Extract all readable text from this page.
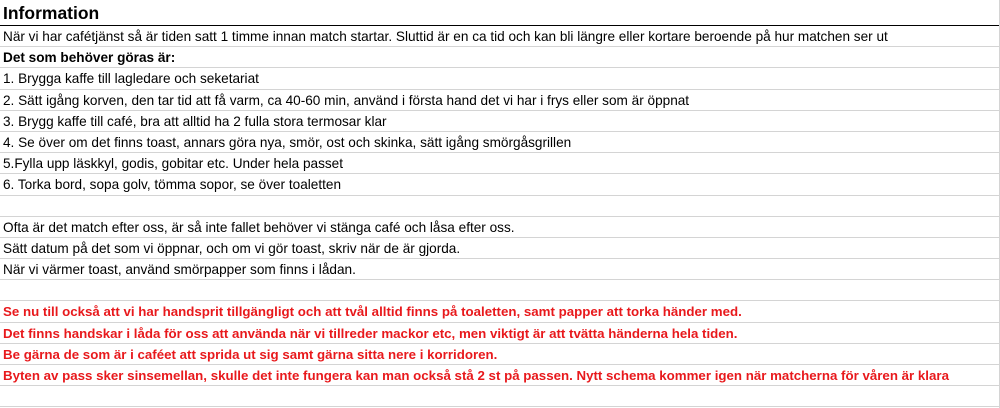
Information
När vi har cafétjänst så är tiden satt 1 timme innan match startar. Sluttid är en ca tid och kan bli längre eller kortare beroende på hur matchen ser ut
Det som behöver göras är:
1. Brygga kaffe till lagledare och seketariat
2. Sätt igång korven, den tar tid att få varm, ca 40-60 min, använd i första hand det vi har i frys eller som är öppnat
3. Brygg kaffe till café, bra att alltid ha 2 fulla stora termosar klar
4. Se över om det finns toast, annars göra nya, smör, ost och skinka, sätt igång smörgåsgrillen
5.Fylla upp läskkyl, godis, gobitar etc. Under hela passet
6. Torka bord, sopa golv, tömma sopor, se över toaletten
Ofta är det match efter oss, är så inte fallet behöver vi stänga café och låsa efter oss.
Sätt datum på det som vi öppnar, och om vi gör toast, skriv när de är gjorda.
När vi värmer toast, använd smörpapper som finns i lådan.
Se nu till också att vi har handsprit tillgängligt och att tvål alltid finns på toaletten, samt papper att torka händer med.
Det finns handskar i låda för oss att använda när vi tillreder mackor etc, men viktigt är att tvätta händerna hela tiden.
Be gärna de som är i caféet att sprida ut sig samt gärna sitta nere i korridoren.
Byten av pass sker sinsemellan, skulle det inte fungera kan man också stå 2 st på passen. Nytt schema kommer igen när matcherna för våren är klara
